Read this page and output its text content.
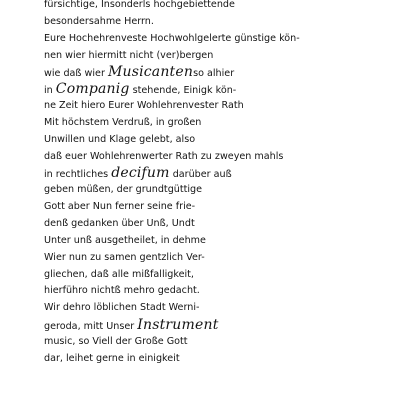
fürsichtige, Insonderls hochgebiettende
besondersahme Herrn.
Eure Hochehrenveste Hochwohlgelerte günstige kön-
nen wier hiermitt nicht (ver)bergen
wie daß wier Musicantenso alhier
in Companig stehende, Einigk kön-
ne Zeit hiero Eurer Wohlehrenvester Rath
Mit höchstem Verdruß, in großen
Unwillen und Klage gelebt, also
daß euer Wohlehrenwerter Rath zu zweyen mahls
in rechtliches decifum darüber auß
geben müßen, der grundtgüttige
Gott aber Nun ferner seine frie-
denß gedanken über Unß, Undt
Unter unß ausgetheilet, in dehme
Wier nun zu samen gentzlich Ver-
gliechen, daß alle mißfalligkeit,
hierführo nichtß mehro gedacht.
Wir dehro löblichen Stadt Werni-
geroda, mitt Unser Instrument
music, so Viell der Große Gott
dar, leihet gerne in einigkeit
